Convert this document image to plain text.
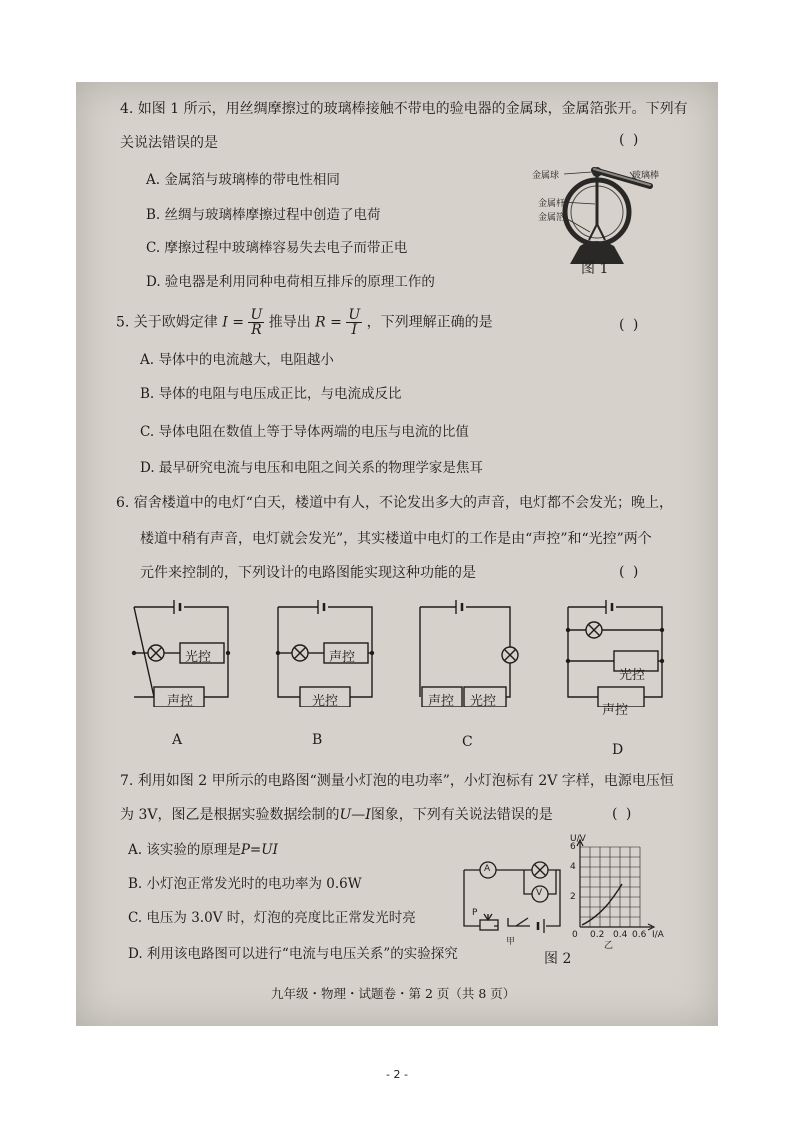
4. 如图 1 所示，用丝绸摩擦过的玻璃棒接触不带电的验电器的金属球，金属箔张开。下列有
关说法错误的是	( )
A. 金属箔与玻璃棒的带电性相同
B. 丝绸与玻璃棒摩擦过程中创造了电荷
C. 摩擦过程中玻璃棒容易失去电子而带正电
D. 验电器是利用同种电荷相互排斥的原理工作的
金属球	玻璃棒
金属杆
金属箔
图 1
5. 关于欧姆定律 $I = \frac{U}{R}$ 推导出 $R = \frac{U}{I}$ ，下列理解正确的是	( )
A. 导体中的电流越大，电阻越小
B. 导体的电阻与电压成正比，与电流成反比
C. 导体电阻在数值上等于导体两端的电压与电流的比值
D. 最早研究电流与电压和电阻之间关系的物理学家是焦耳
6. 宿舍楼道中的电灯“白天，楼道中有人，不论发出多大的声音，电灯都不会发光；晚上，
楼道中稍有声音，电灯就会发光”，其实楼道中电灯的工作是由“声控”和“光控”两个
元件来控制的，下列设计的电路图能实现这种功能的是	( )
光控
声控
A
声控
光控
B
声控 光控
C
光控
声控
D
7. 利用如图 2 甲所示的电路图“测量小灯泡的电功率”，小灯泡标有 2V 字样，电源电压恒
为 3V，图乙是根据实验数据绘制的U—I图象，下列有关说法错误的是	( )
A. 该实验的原理是P=UI
B. 小灯泡正常发光时的电功率为 0.6W
C. 电压为 3.0V 时，灯泡的亮度比正常发光时亮
D. 利用该电路图可以进行“电流与电压关系”的实验探究
A
V
P
甲
U/V
6
4
2
0 0.2 0.4 0.6 I/A
乙
图 2
九年级・物理・试题卷・第 2 页（共 8 页）
- 2 -
